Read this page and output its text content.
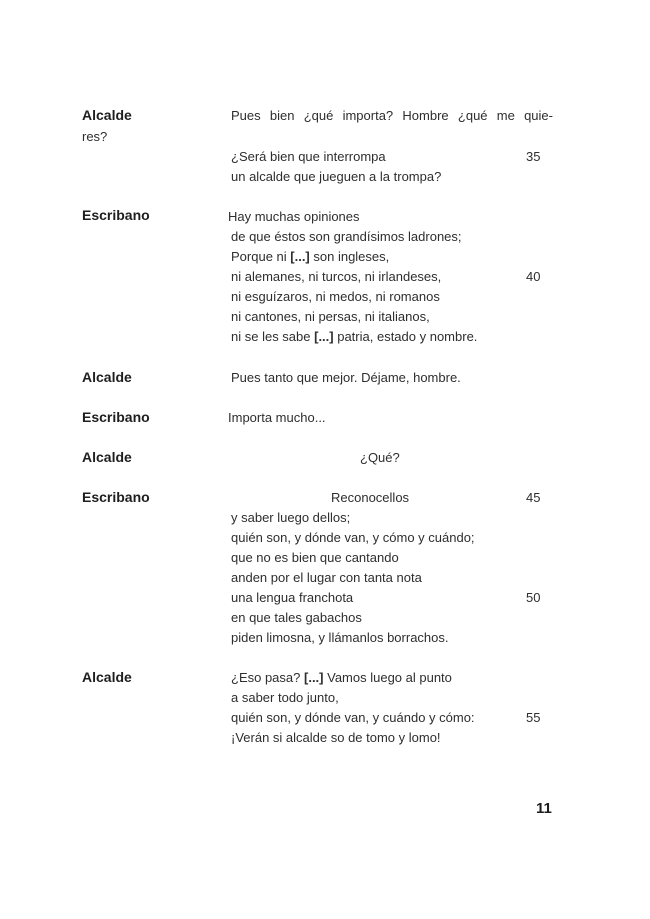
Alcalde	Pues bien ¿qué importa? Hombre ¿qué me quie-
res?
¿Será bien que interrompa	35
un alcalde que jueguen a la trompa?
Escribano	Hay muchas opiniones
de que éstos son grandísimos ladrones;
Porque ni [...] son ingleses,
ni alemanes, ni turcos, ni irlandeses,	40
ni esguízaros, ni medos, ni romanos
ni cantones, ni persas, ni italianos,
ni se les sabe [...] patria, estado y nombre.
Alcalde	Pues tanto que mejor. Déjame, hombre.
Escribano	Importa mucho...
Alcalde	¿Qué?
Escribano	Reconocellos	45
y saber luego dellos;
quién son, y dónde van, y cómo y cuándo;
que no es bien que cantando
anden por el lugar con tanta nota
una lengua franchota	50
en que tales gabachos
piden limosna, y llámanlos borrachos.
Alcalde	¿Eso pasa? [...] Vamos luego al punto
a saber todo junto,
quién son, y dónde van, y cuándo y cómo:	55
¡Verán si alcalde so de tomo y lomo!
11
